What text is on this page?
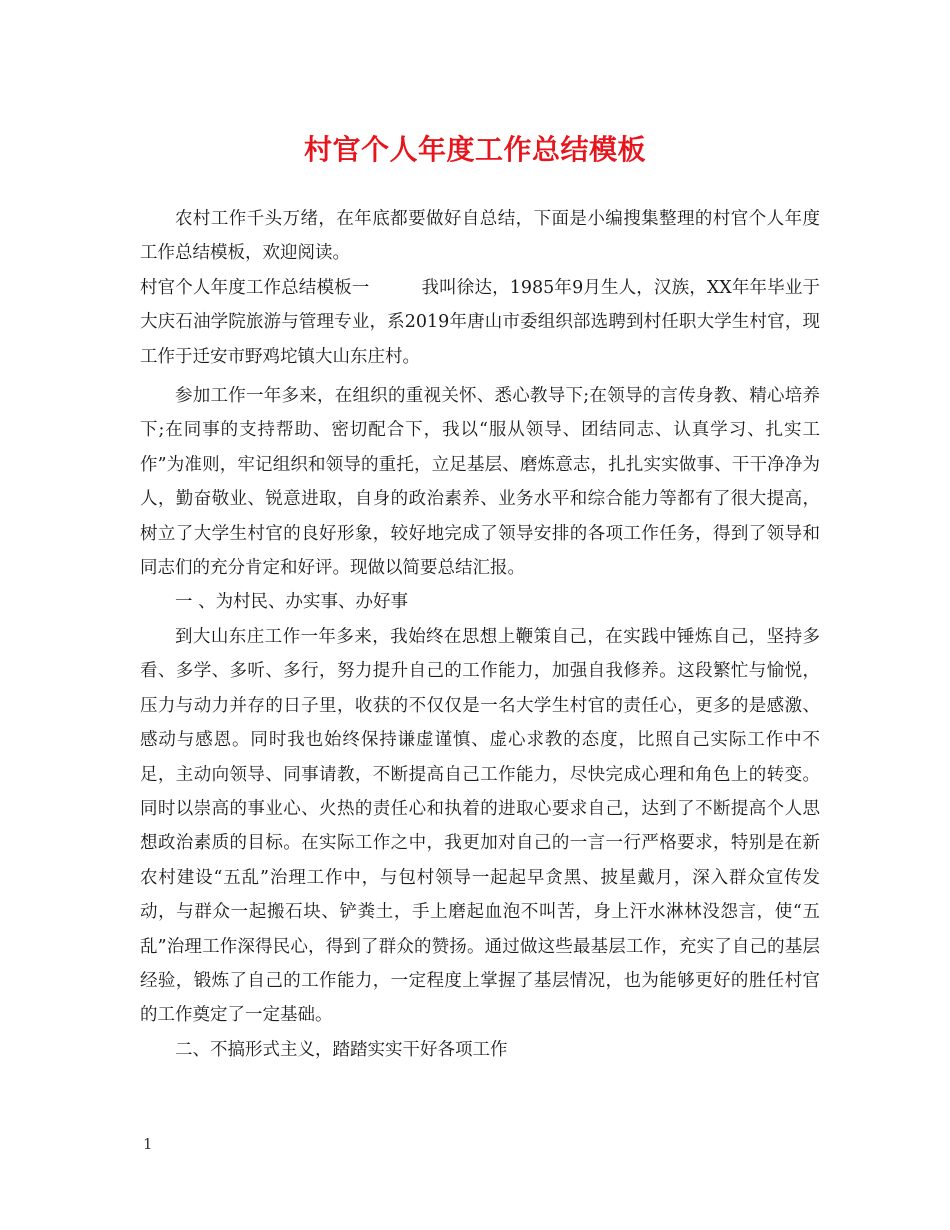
村官个人年度工作总结模板

农村工作千头万绪，在年底都要做好自总结，下面是小编搜集整理的村官个人年度工作总结模板，欢迎阅读。

村官个人年度工作总结模板一	我叫徐达，1985年9月生人，汉族，XX年年毕业于大庆石油学院旅游与管理专业，系2019年唐山市委组织部选聘到村任职大学生村官，现工作于迁安市野鸡坨镇大山东庄村。

参加工作一年多来，在组织的重视关怀、悉心教导下;在领导的言传身教、精心培养下;在同事的支持帮助、密切配合下，我以“服从领导、团结同志、认真学习、扎实工作”为准则，牢记组织和领导的重托，立足基层、磨炼意志，扎扎实实做事、干干净净为人，勤奋敬业、锐意进取，自身的政治素养、业务水平和综合能力等都有了很大提高，树立了大学生村官的良好形象，较好地完成了领导安排的各项工作任务，得到了领导和同志们的充分肯定和好评。现做以简要总结汇报。

一 、为村民、办实事、办好事

到大山东庄工作一年多来，我始终在思想上鞭策自己，在实践中锤炼自己，坚持多看、多学、多听、多行，努力提升自己的工作能力，加强自我修养。这段繁忙与愉悦，压力与动力并存的日子里，收获的不仅仅是一名大学生村官的责任心，更多的是感激、感动与感恩。同时我也始终保持谦虚谨慎、虚心求教的态度，比照自己实际工作中不足，主动向领导、同事请教，不断提高自己工作能力，尽快完成心理和角色上的转变。同时以崇高的事业心、火热的责任心和执着的进取心要求自己，达到了不断提高个人思想政治素质的目标。在实际工作之中，我更加对自己的一言一行严格要求，特别是在新农村建设“五乱”治理工作中，与包村领导一起起早贪黑、披星戴月，深入群众宣传发动，与群众一起搬石块、铲粪土，手上磨起血泡不叫苦，身上汗水淋林没怨言，使“五乱”治理工作深得民心，得到了群众的赞扬。通过做这些最基层工作，充实了自己的基层经验，锻炼了自己的工作能力，一定程度上掌握了基层情况，也为能够更好的胜任村官的工作奠定了一定基础。

二、不搞形式主义，踏踏实实干好各项工作

1
